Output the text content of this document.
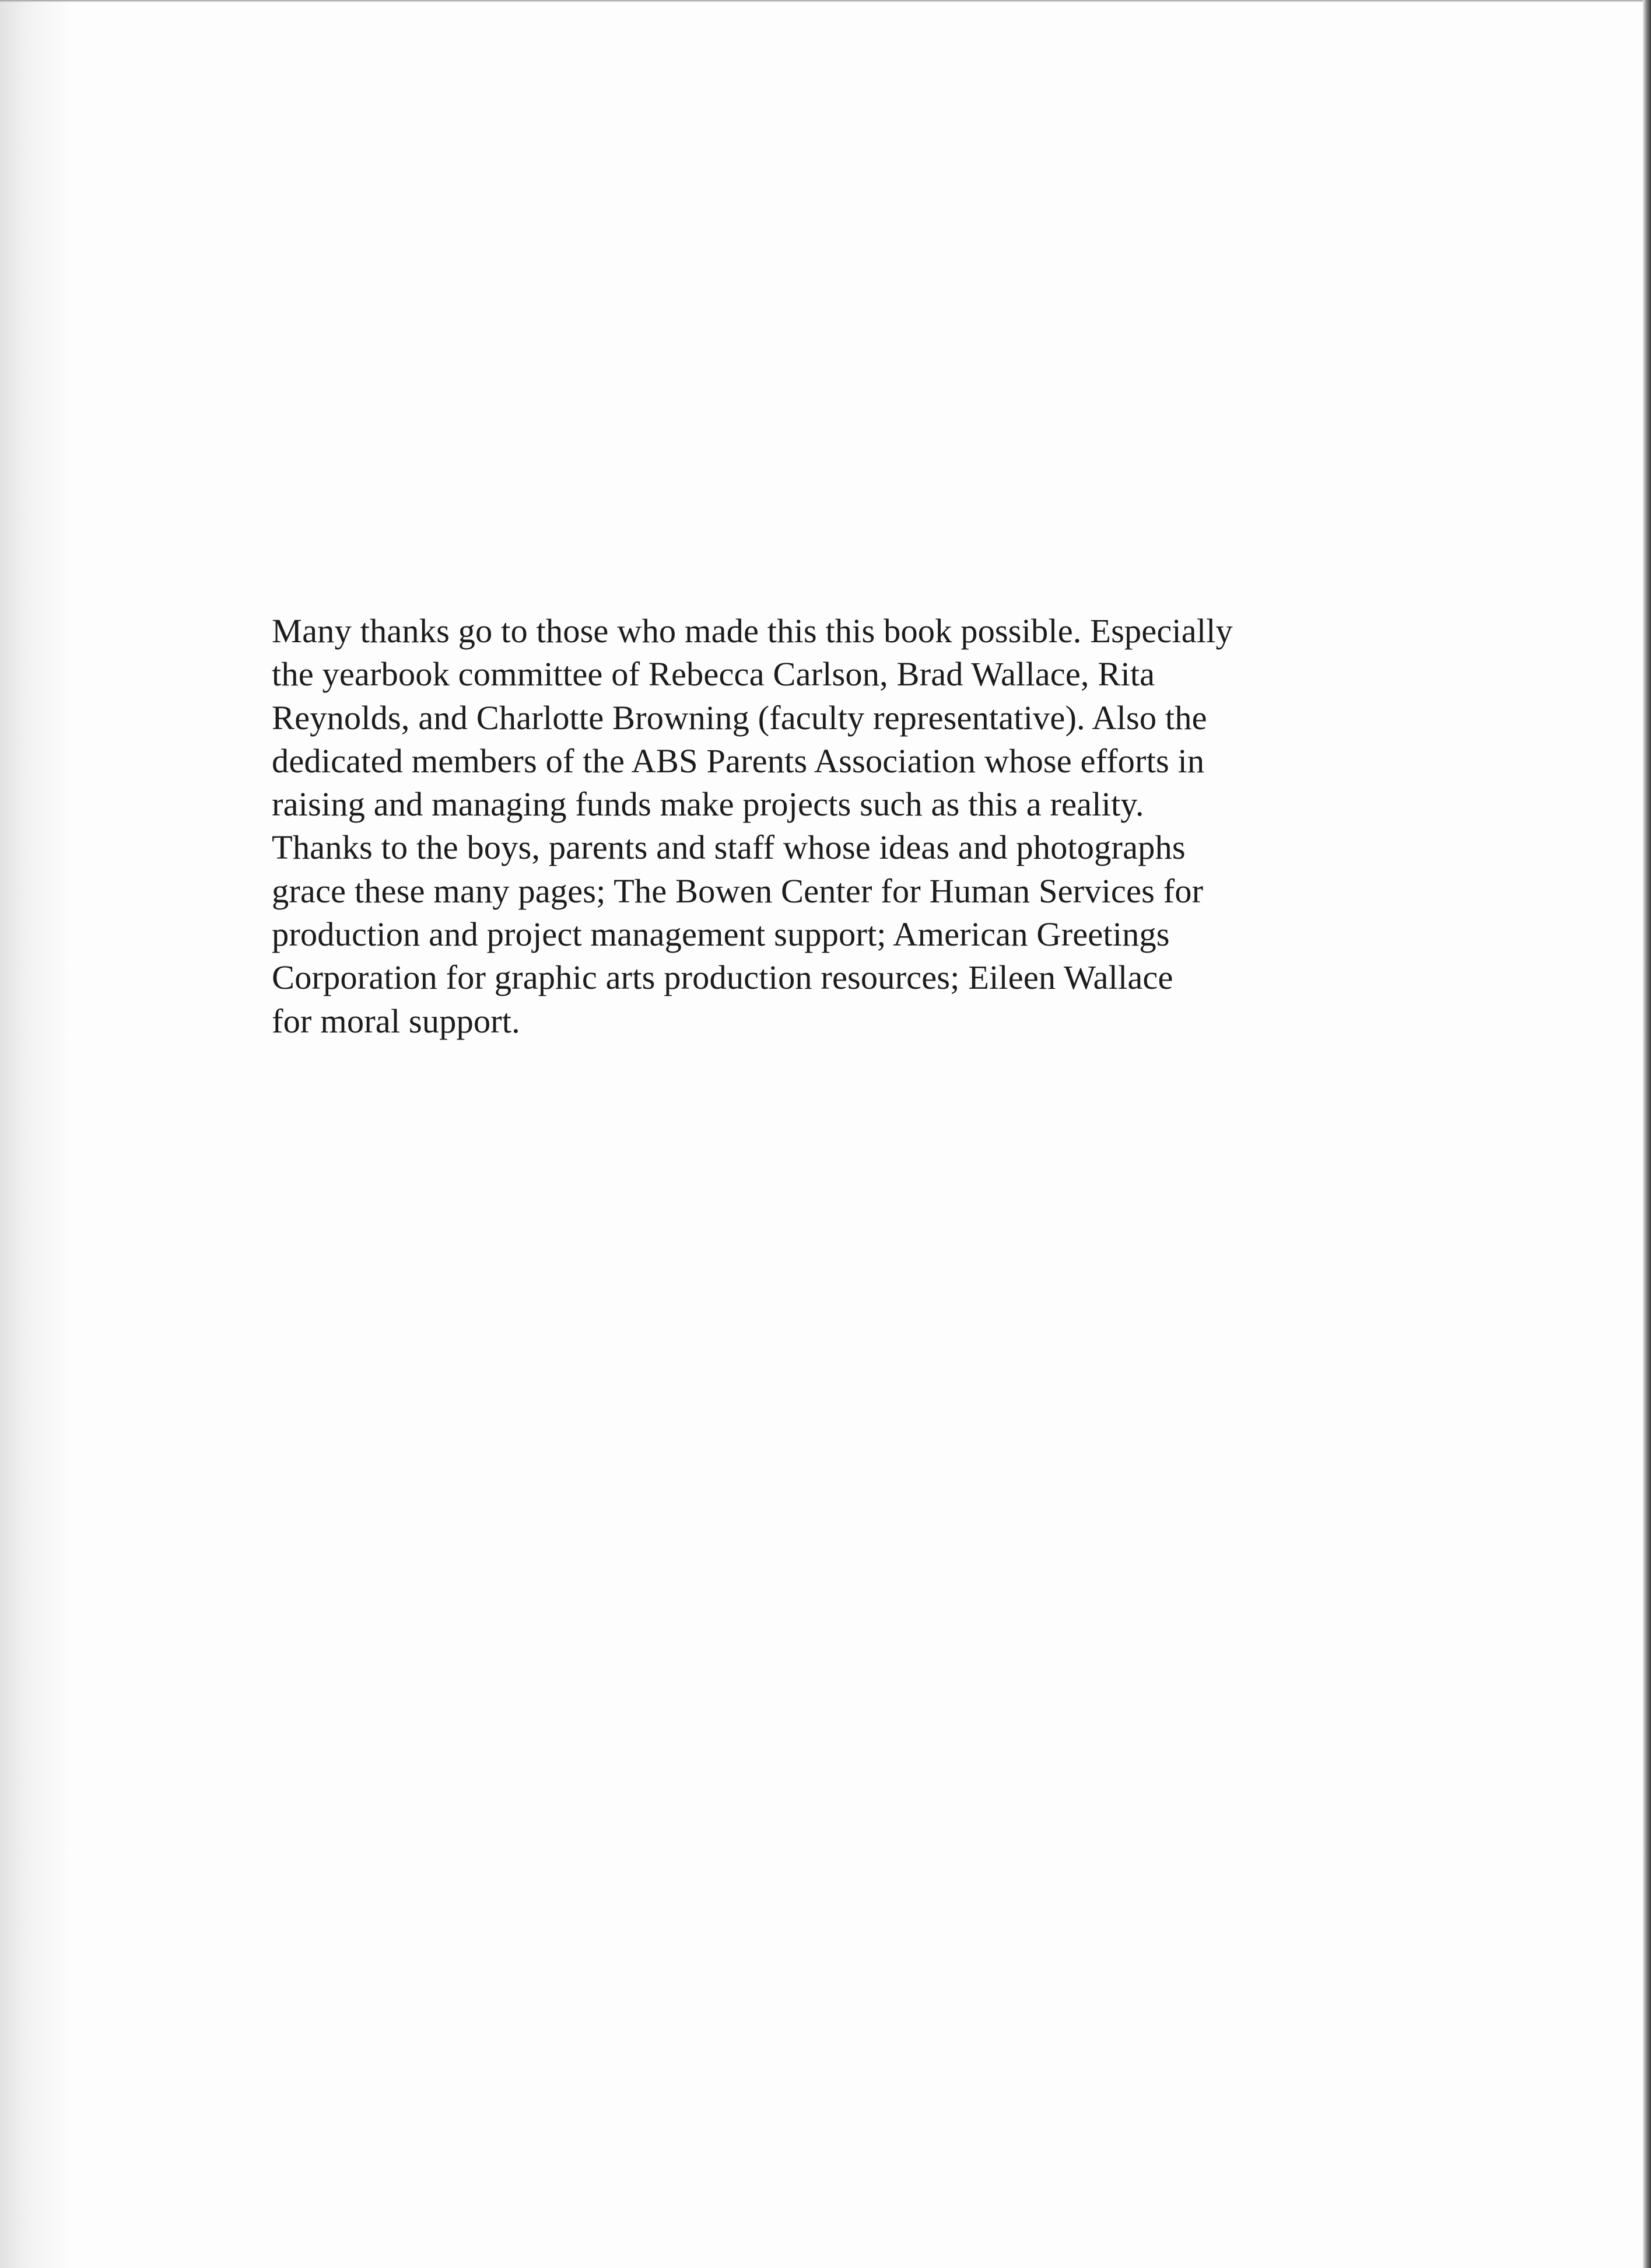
Many thanks go to those who made this this book possible. Especially
the yearbook committee of Rebecca Carlson, Brad Wallace, Rita
Reynolds, and Charlotte Browning (faculty representative). Also the
dedicated members of the ABS Parents Association whose efforts in
raising and managing funds make projects such as this a reality.
Thanks to the boys, parents and staff whose ideas and photographs
grace these many pages; The Bowen Center for Human Services for
production and project management support; American Greetings
Corporation for graphic arts production resources; Eileen Wallace
for moral support.
